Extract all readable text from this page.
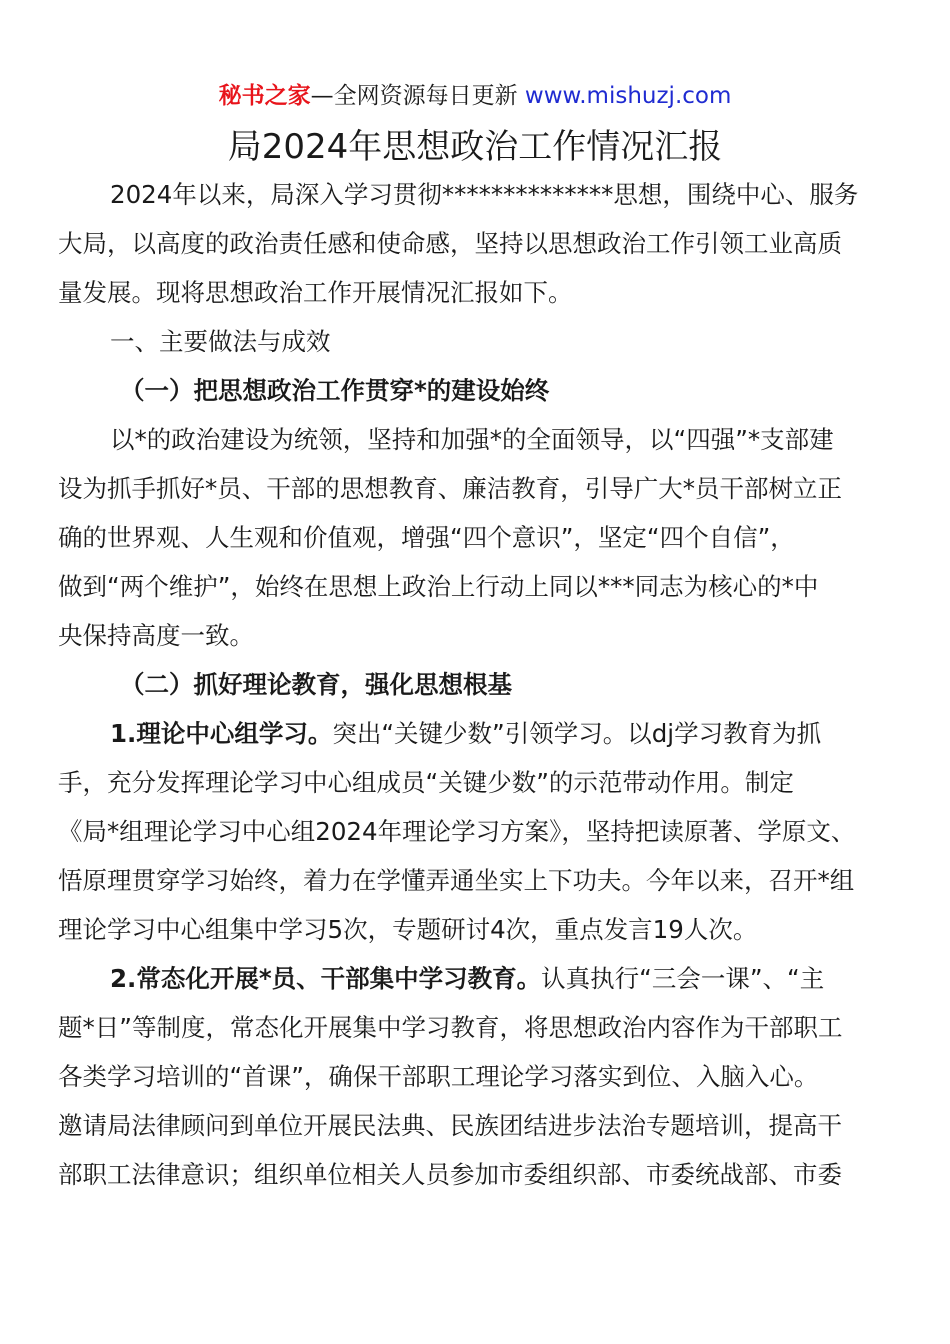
秘书之家—全网资源每日更新 www.mishuzj.com
局2024年思想政治工作情况汇报
2024年以来，局深入学习贯彻**************思想，围绕中心、服务
大局，以高度的政治责任感和使命感，坚持以思想政治工作引领工业高质
量发展。现将思想政治工作开展情况汇报如下。
一、主要做法与成效
（一）把思想政治工作贯穿*的建设始终
以*的政治建设为统领，坚持和加强*的全面领导，以“四强”*支部建
设为抓手抓好*员、干部的思想教育、廉洁教育，引导广大*员干部树立正
确的世界观、人生观和价值观，增强“四个意识”，坚定“四个自信”，
做到“两个维护”，始终在思想上政治上行动上同以***同志为核心的*中
央保持高度一致。
（二）抓好理论教育，强化思想根基
1.理论中心组学习。突出“关键少数”引领学习。以dj学习教育为抓
手，充分发挥理论学习中心组成员“关键少数”的示范带动作用。制定
《局*组理论学习中心组2024年理论学习方案》，坚持把读原著、学原文、
悟原理贯穿学习始终，着力在学懂弄通坐实上下功夫。今年以来，召开*组
理论学习中心组集中学习5次，专题研讨4次，重点发言19人次。
2.常态化开展*员、干部集中学习教育。认真执行“三会一课”、“主
题*日”等制度，常态化开展集中学习教育，将思想政治内容作为干部职工
各类学习培训的“首课”，确保干部职工理论学习落实到位、入脑入心。
邀请局法律顾问到单位开展民法典、民族团结进步法治专题培训，提高干
部职工法律意识；组织单位相关人员参加市委组织部、市委统战部、市委
